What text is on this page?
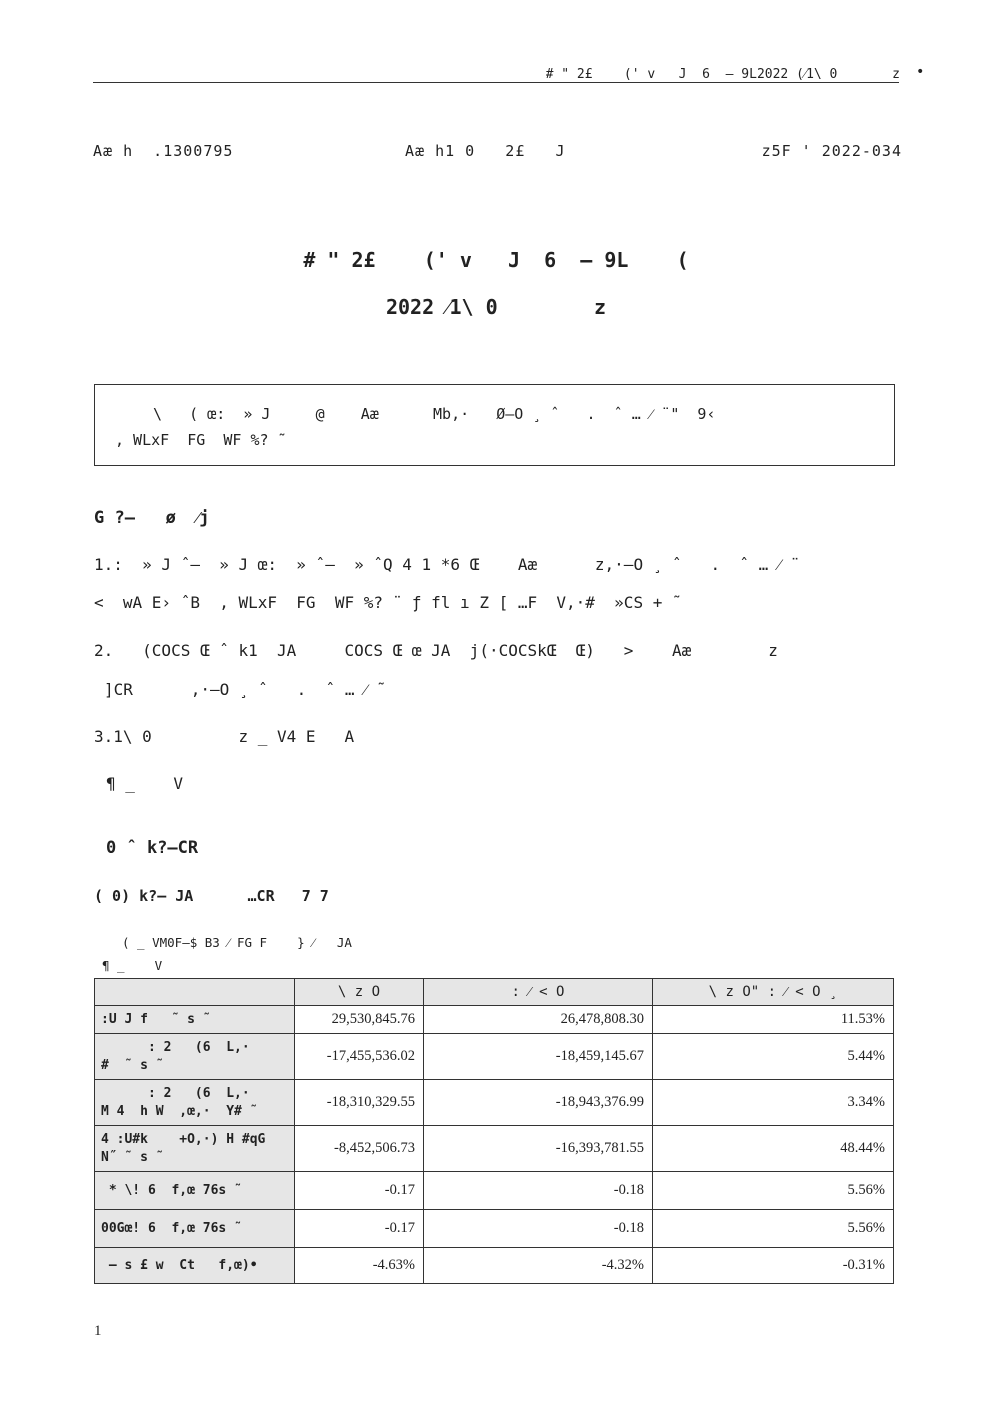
# " 2£    (' v   J  6  – 9L2022 (⁄1\ 0       z •
Aæ h  .1300795	Aæ h1 0   2£   J	z5F ' 2022-034
# " 2£    (' v   J  6  – 9L    (
2022 ⁄1\ 0        z
\   ( œ:  » J     @    Aæ      Mb,·   Ø–O ¸ ˆ   .  ˆ … ⁄ ¨"  9‹
, WLxF  FG  WF %? ˜
G ?–   ø  ⁄j
1.:  » J ˆ–  » J œ:  » ˆ–  » ˆQ 4 1 *6 Œ    Aæ      z,·–O ¸ ˆ   .  ˆ … ⁄ ¨
<  wA E› ˆB  , WLxF  FG  WF %? ¨ ƒ fl ı Z [ …F  V,·#  »CS + ˜
2.   (COCS Œ ˆ k1  JA     COCS Œ œ JA  j(·COCSkŒ  Œ)   >    Aæ        z
]CR      ,·–O ¸ ˆ   .  ˆ … ⁄ ˜
3.1\ 0         z _ V4 E   A
¶ _    V
0 ˆ k?–CR
( 0) k?– JA      …CR   7 7
( _ VM0F–$ B3 ⁄ FG F    } ⁄   JA
¶ _    V
	\ z O	: ⁄ < O	\ z O" : ⁄ < O ¸
:U J f   ˜ s ˜	29,530,845.76	26,478,808.30	11.53%
: 2   (6  L,·
#  ˜ s ˜	-17,455,536.02	-18,459,145.67	5.44%
: 2   (6  L,·
M 4  h W  ,œ,·  Y# ˜	-18,310,329.55	-18,943,376.99	3.34%
4 :U#k    +O,·) H #qG
N˝ ˜ s ˜	-8,452,506.73	-16,393,781.55	48.44%
* \! 6  f,œ 76s ˜	-0.17	-0.18	5.56%
00Gœ! 6  f,œ 76s ˜	-0.17	-0.18	5.56%
– s £ w  Ct   f,œ)•	-4.63%	-4.32%	-0.31%
1
